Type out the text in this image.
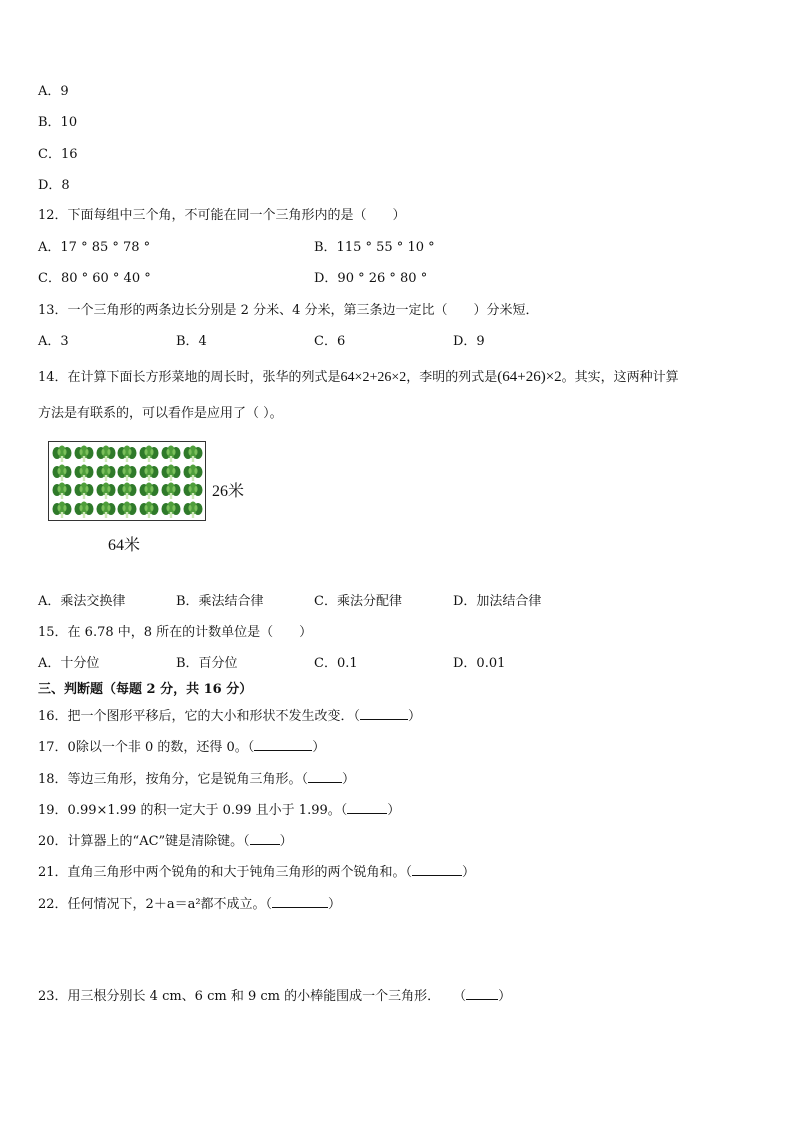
A．9
B．10
C．16
D．8
12．下面每组中三个角，不可能在同一个三角形内的是（　　）
A．17 ° 85 ° 78 °	B．115 ° 55 ° 10 °
C．80 ° 60 ° 40 °	D．90 ° 26 ° 80 °
13．一个三角形的两条边长分别是 2 分米、4 分米，第三条边一定比（　　）分米短．
A．3	B．4	C．6	D．9
14．在计算下面长方形菜地的周长时，张华的列式是64×2+26×2，李明的列式是(64+26)×2。其实，这两种计算
方法是有联系的，可以看作是应用了（ ）。
26米
64米
A．乘法交换律	B．乘法结合律	C．乘法分配律	D．加法结合律
15．在 6.78 中，8 所在的计数单位是（　　）
A．十分位	B．百分位	C．0.1	D．0.01
三、判断题（每题 2 分，共 16 分）
16．把一个图形平移后，它的大小和形状不发生改变．（	）
17．0除以一个非 0 的数，还得 0。（	）
18．等边三角形，按角分，它是锐角三角形。（	）
19．0.99×1.99 的积一定大于 0.99 且小于 1.99。（	）
20．计算器上的“AC”键是清除键。（ ）
21．直角三角形中两个锐角的和大于钝角三角形的两个锐角和。（	）
22．任何情况下，2＋a＝a²都不成立。（	）
23．用三根分别长 4 cm、6 cm 和 9 cm 的小棒能围成一个三角形．　　（ ）
